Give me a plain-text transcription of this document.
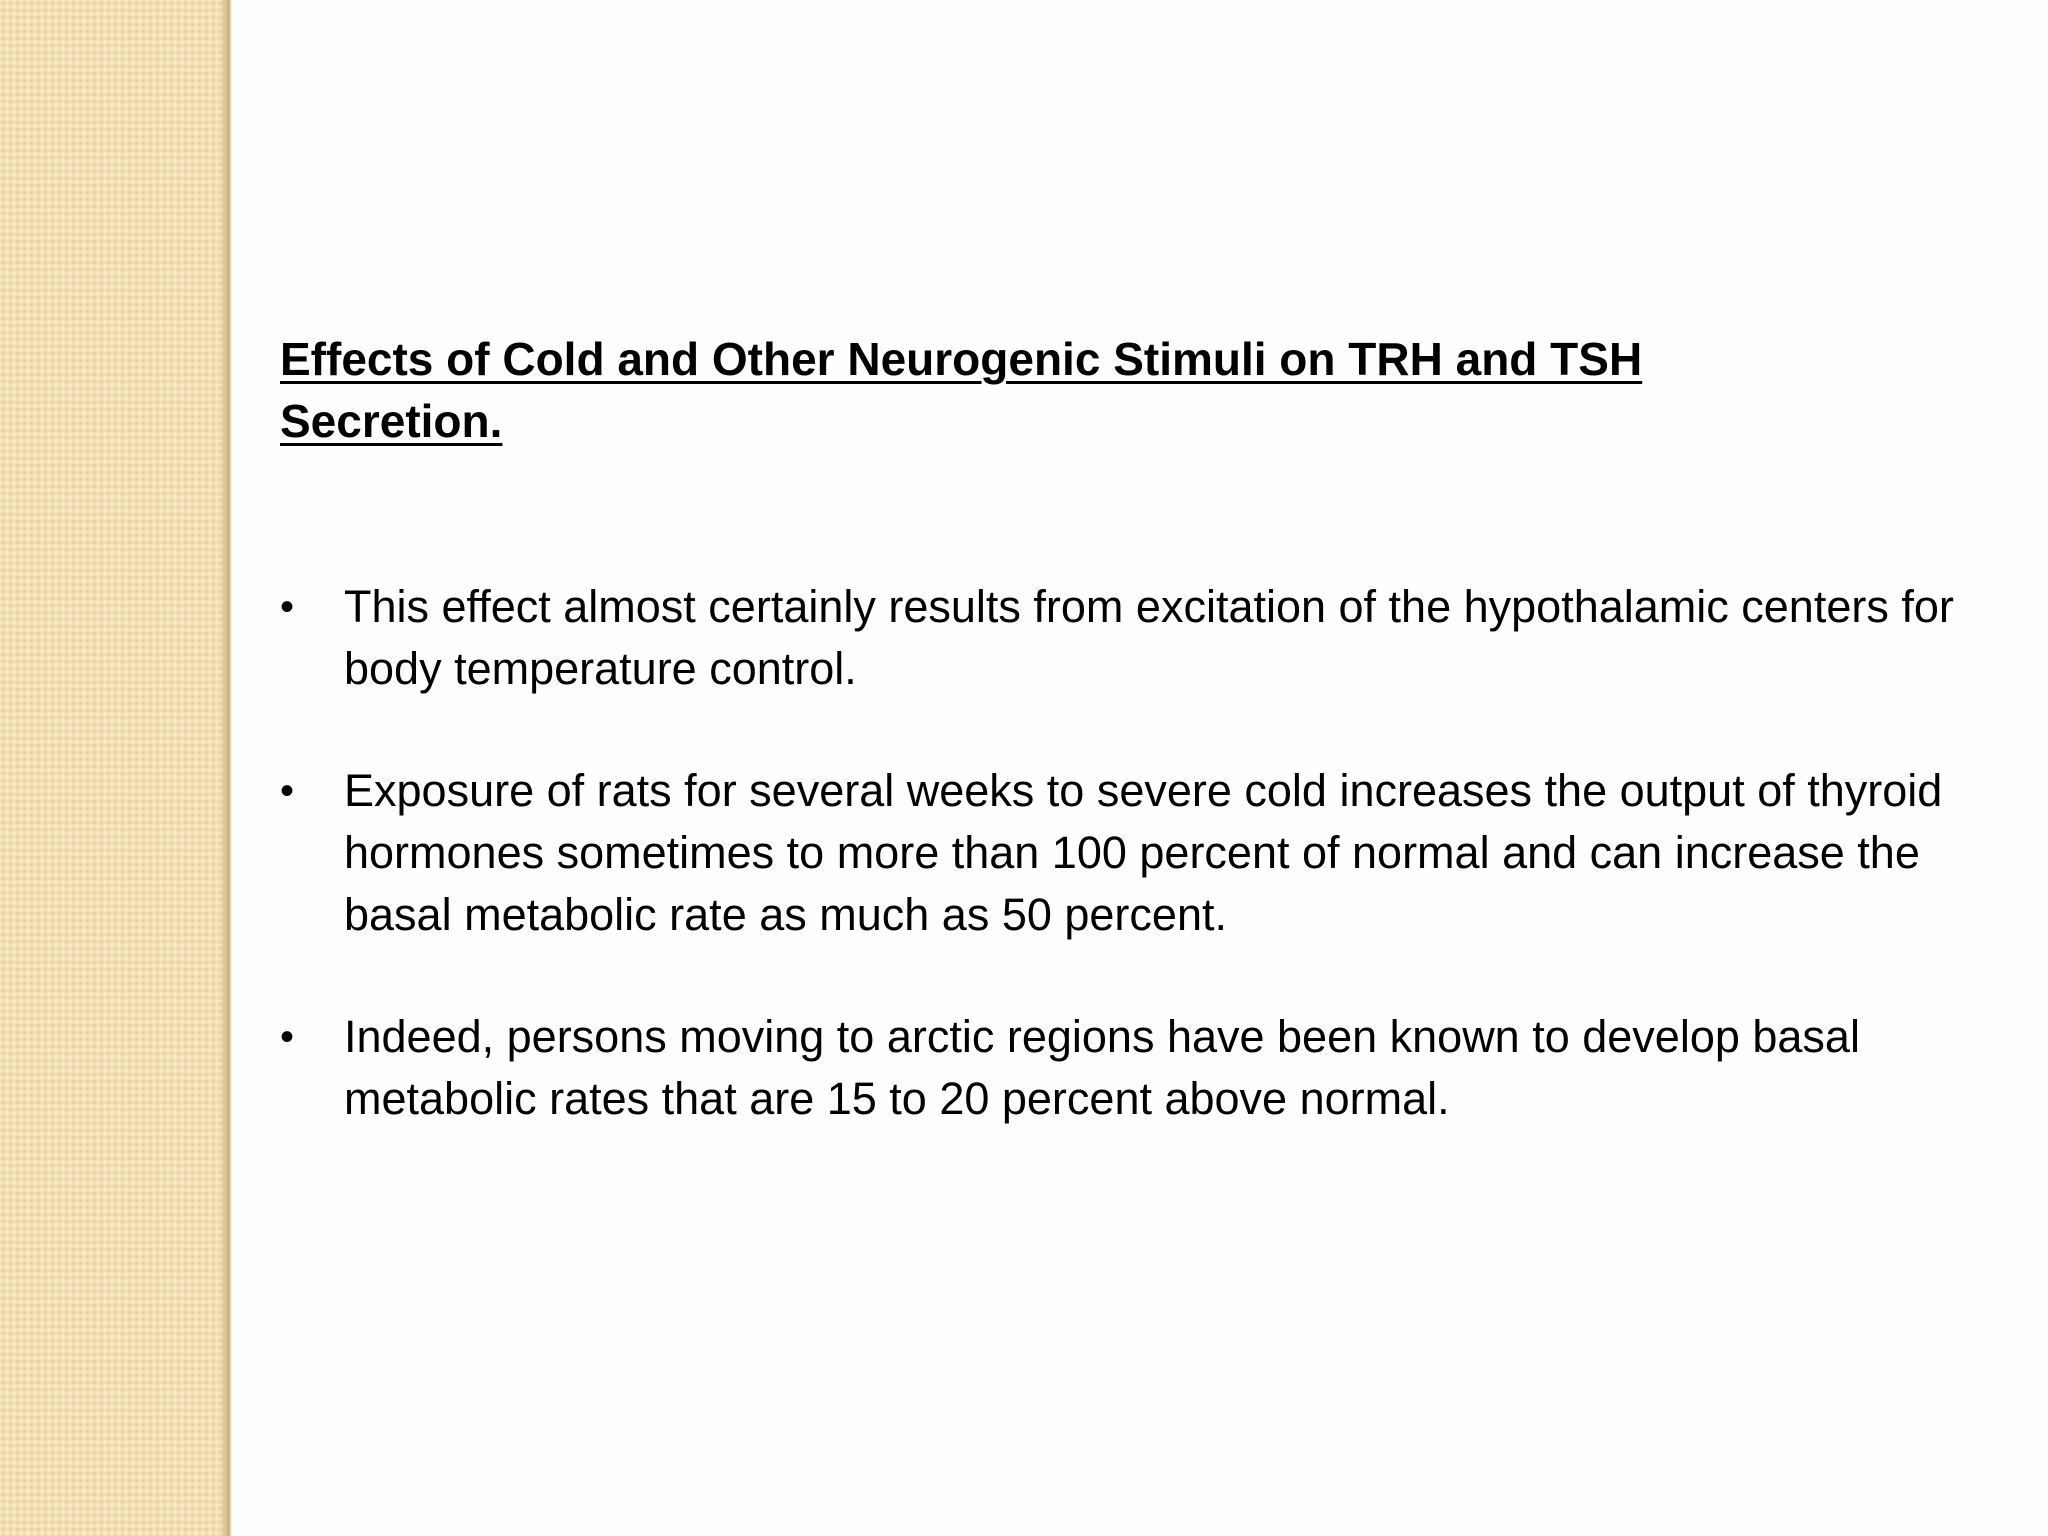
Effects of Cold and Other Neurogenic Stimuli on TRH and TSH Secretion.
• This effect almost certainly results from excitation of the hypothalamic centers for body temperature control.
• Exposure of rats for several weeks to severe cold increases the output of thyroid hormones sometimes to more than 100 percent of normal and can increase the basal metabolic rate as much as 50 percent.
• Indeed, persons moving to arctic regions have been known to develop basal metabolic rates that are 15 to 20 percent above normal.
